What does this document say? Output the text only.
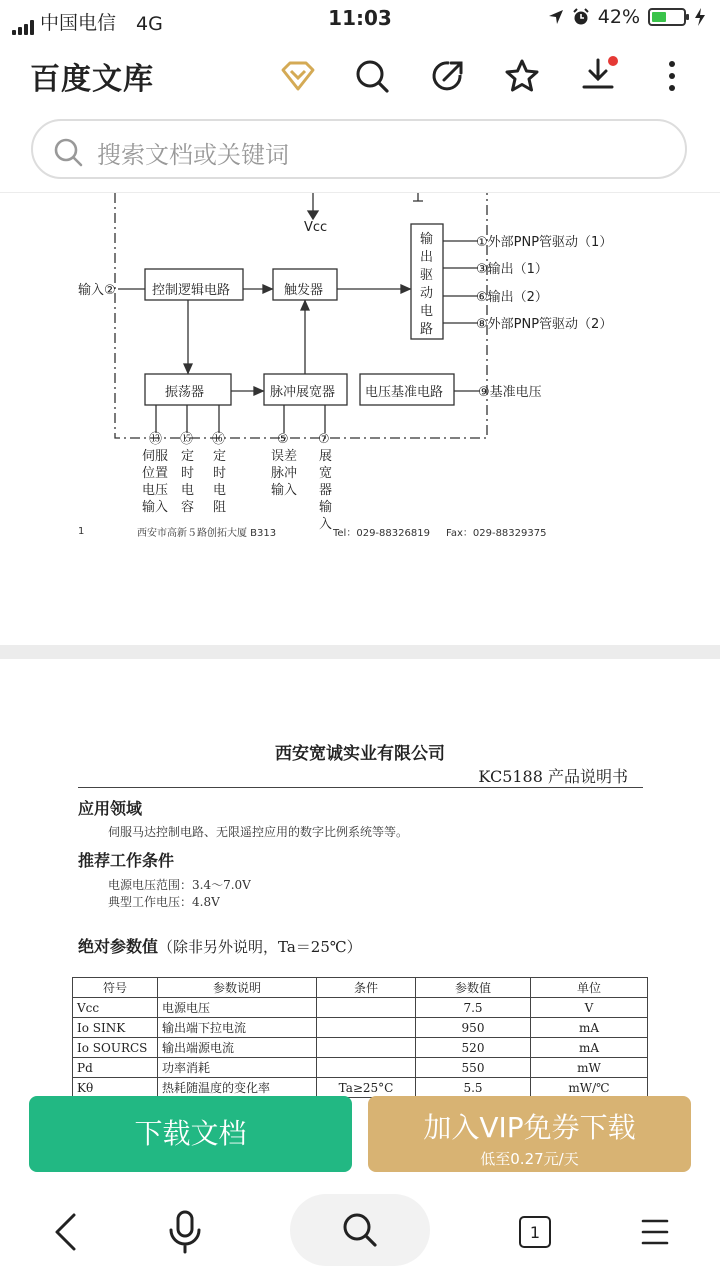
中国电信 4G	11:03	42%
百度文库
搜索文档或关键词
Vcc
输入②	控制逻辑电路	触发器
输
出
驱
动
电
路
振荡器	脉冲展宽器 电压基准电路
①外部PNP管驱动（1）
③输出（1）
⑥输出（2）
⑧外部PNP管驱动（2）
⑨基准电压
⑬ ⑮ ⑯	⑤ ⑦
伺服
位置
电压
输入
定
时
电
容
定
时
电
阻
误差
脉冲
输入
展
宽
器
输
入
1	西安市高新５路创拓大厦 B313	Tel：029-88326819 Fax：029-88329375
西安宽诚实业有限公司
KC5188 产品说明书
应用领域
伺服马达控制电路、无限遥控应用的数字比例系统等等。
推荐工作条件
电源电压范围：3.4～7.0V
典型工作电压：4.8V
绝对参数值（除非另外说明，Ta＝25℃）
符号	参数说明	条件	参数值	单位
Vcc	电源电压		7.5	V
Io SINK	输出端下拉电流		950	mA
Io SOURCS	输出端源电流		520	mA
Pd	功率消耗		550	mW
Kθ	热耗随温度的变化率	Ta≥25°C	5.5	mW/℃
下载文档	加入VIP免券下载
低至0.27元/天
1
